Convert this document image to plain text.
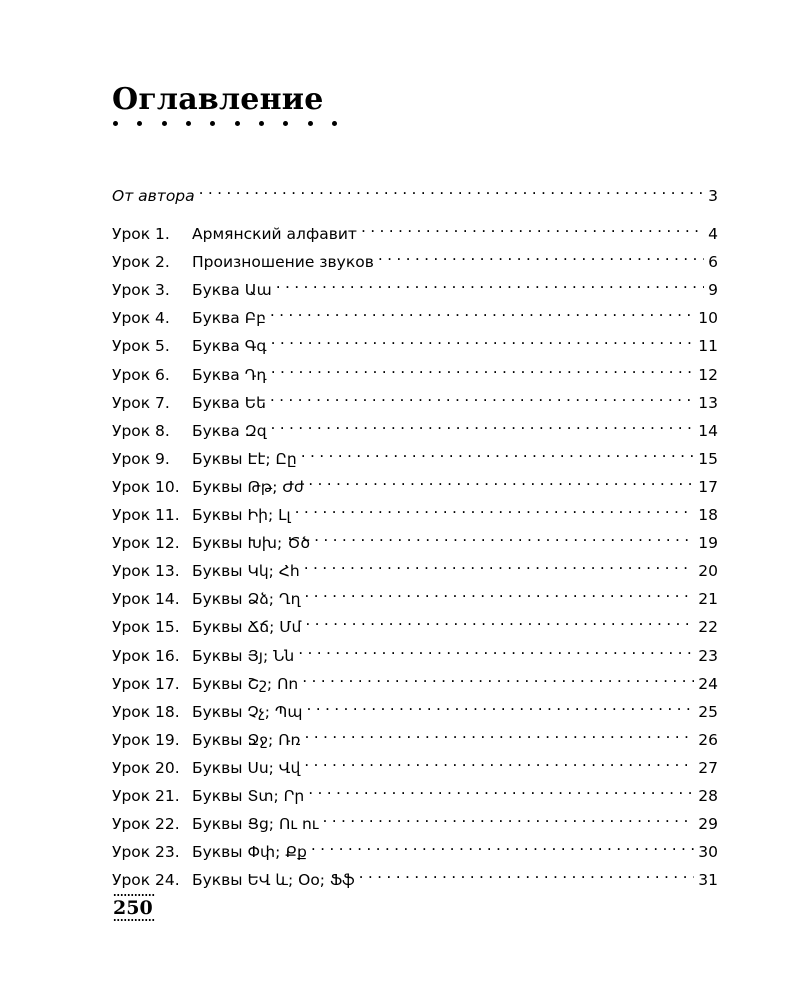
Оглавление
От автора . . .	3
Урок 1.	Армянский алфавит . . .	4
Урок 2.	Произношение звуков . . .	6
Урок 3.	Буква Աա . . .	9
Урок 4.	Буква Բբ . . .	10
Урок 5.	Буква Գգ . . .	11
Урок 6.	Буква Դդ . . .	12
Урок 7.	Буква Եե . . .	13
Урок 8.	Буква Զզ . . .	14
Урок 9.	Буквы Էէ; Ըը . . .	15
Урок 10. Буквы Թթ; Ժժ . . .	17
Урок 11. Буквы Իի; Լլ . . .	18
Урок 12. Буквы Խխ; Ծծ . . .	19
Урок 13. Буквы Կկ; Հհ . . .	20
Урок 14. Буквы Ձձ; Ղղ . . .	21
Урок 15. Буквы Ճճ; Մմ . . .	22
Урок 16. Буквы Յյ; Նն . . .	23
Урок 17. Буквы Շշ; Ոո . . .	24
Урок 18. Буквы Չչ; Պպ . . .	25
Урок 19. Буквы Ջջ; Ռռ . . .	26
Урок 20. Буквы Սս; Վվ . . .	27
Урок 21. Буквы Տտ; Րր . . .	28
Урок 22. Буквы Ցց; Ու ու . . .	29
Урок 23. Буквы Փփ; Քք . . .	30
Урок 24. Буквы ԵՎ և; Օօ; Ֆֆ . . .	31
250
